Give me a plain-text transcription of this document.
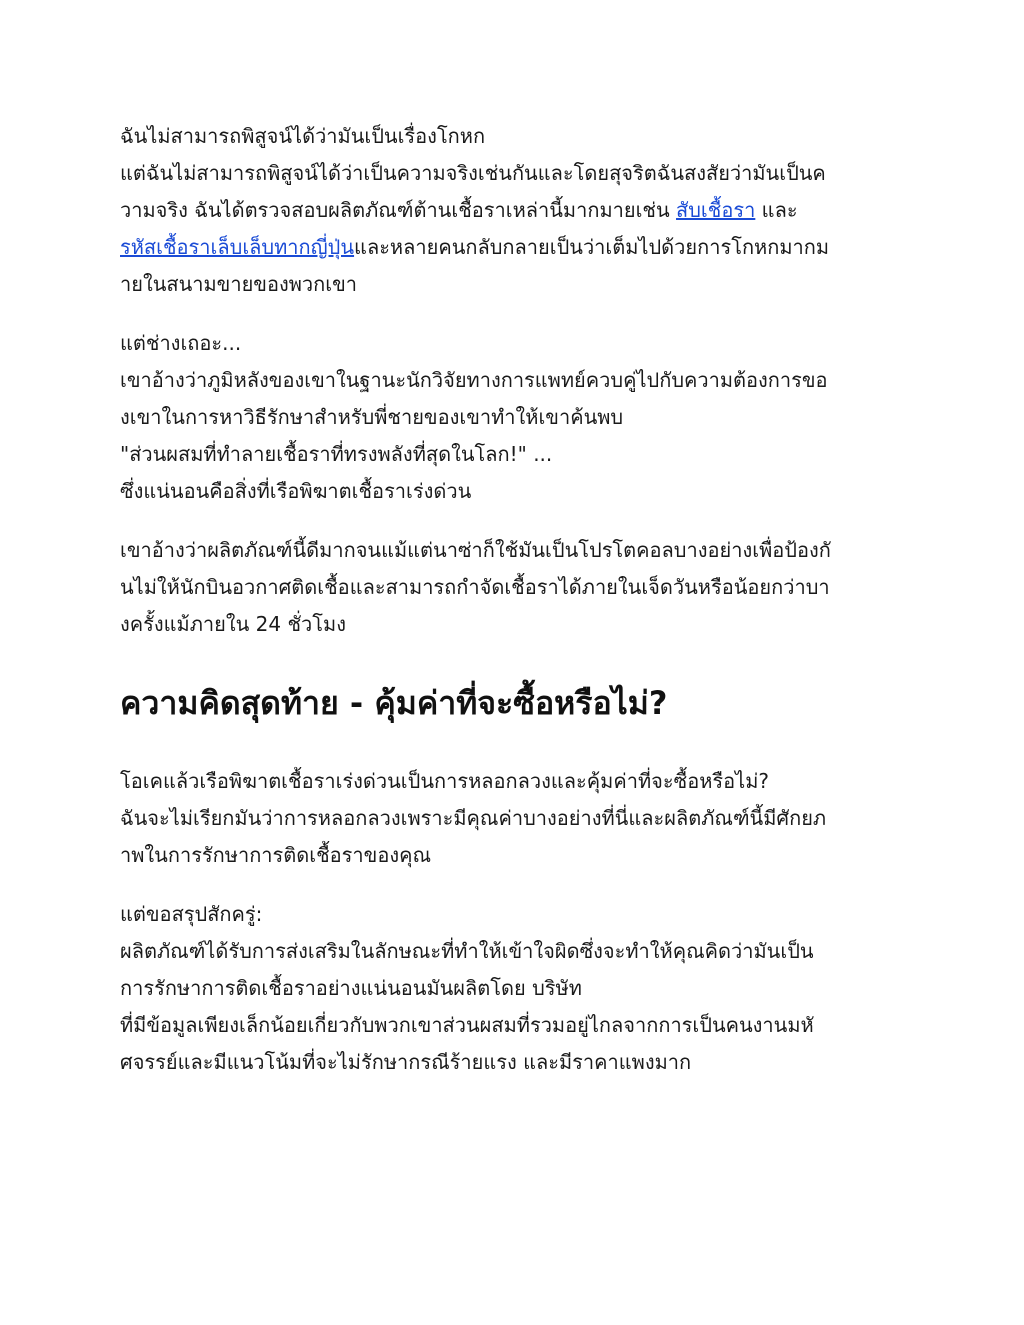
ฉันไม่สามารถพิสูจน์ได้ว่ามันเป็นเรื่องโกหก
แต่ฉันไม่สามารถพิสูจน์ได้ว่าเป็นความจริงเช่นกันและโดยสุจริตฉันสงสัยว่ามันเป็นค
วามจริง ฉันได้ตรวจสอบผลิตภัณฑ์ต้านเชื้อราเหล่านี้มากมายเช่น สับเชื้อรา และ
รหัสเชื้อราเล็บเล็บทากญี่ปุ่นและหลายคนกลับกลายเป็นว่าเต็มไปด้วยการโกหกมากม
ายในสนามขายของพวกเขา

แต่ช่างเถอะ...
เขาอ้างว่าภูมิหลังของเขาในฐานะนักวิจัยทางการแพทย์ควบคู่ไปกับความต้องการขอ
งเขาในการหาวิธีรักษาสำหรับพี่ชายของเขาทำให้เขาค้นพบ
"ส่วนผสมที่ทำลายเชื้อราที่ทรงพลังที่สุดในโลก!" ...
ซึ่งแน่นอนคือสิ่งที่เรือพิฆาตเชื้อราเร่งด่วน

เขาอ้างว่าผลิตภัณฑ์นี้ดีมากจนแม้แต่นาซ่าก็ใช้มันเป็นโปรโตคอลบางอย่างเพื่อป้องกั
นไม่ให้นักบินอวกาศติดเชื้อและสามารถกำจัดเชื้อราได้ภายในเจ็ดวันหรือน้อยกว่าบา
งครั้งแม้ภายใน 24 ชั่วโมง

ความคิดสุดท้าย - คุ้มค่าที่จะซื้อหรือไม่?

โอเคแล้วเรือพิฆาตเชื้อราเร่งด่วนเป็นการหลอกลวงและคุ้มค่าที่จะซื้อหรือไม่?
ฉันจะไม่เรียกมันว่าการหลอกลวงเพราะมีคุณค่าบางอย่างที่นี่และผลิตภัณฑ์นี้มีศักยภ
าพในการรักษาการติดเชื้อราของคุณ

แต่ขอสรุปสักครู่:
ผลิตภัณฑ์ได้รับการส่งเสริมในลักษณะที่ทำให้เข้าใจผิดซึ่งจะทำให้คุณคิดว่ามันเป็น
การรักษาการติดเชื้อราอย่างแน่นอนมันผลิตโดย บริษัท
ที่มีข้อมูลเพียงเล็กน้อยเกี่ยวกับพวกเขาส่วนผสมที่รวมอยู่ไกลจากการเป็นคนงานมหั
ศจรรย์และมีแนวโน้มที่จะไม่รักษากรณีร้ายแรง และมีราคาแพงมาก
